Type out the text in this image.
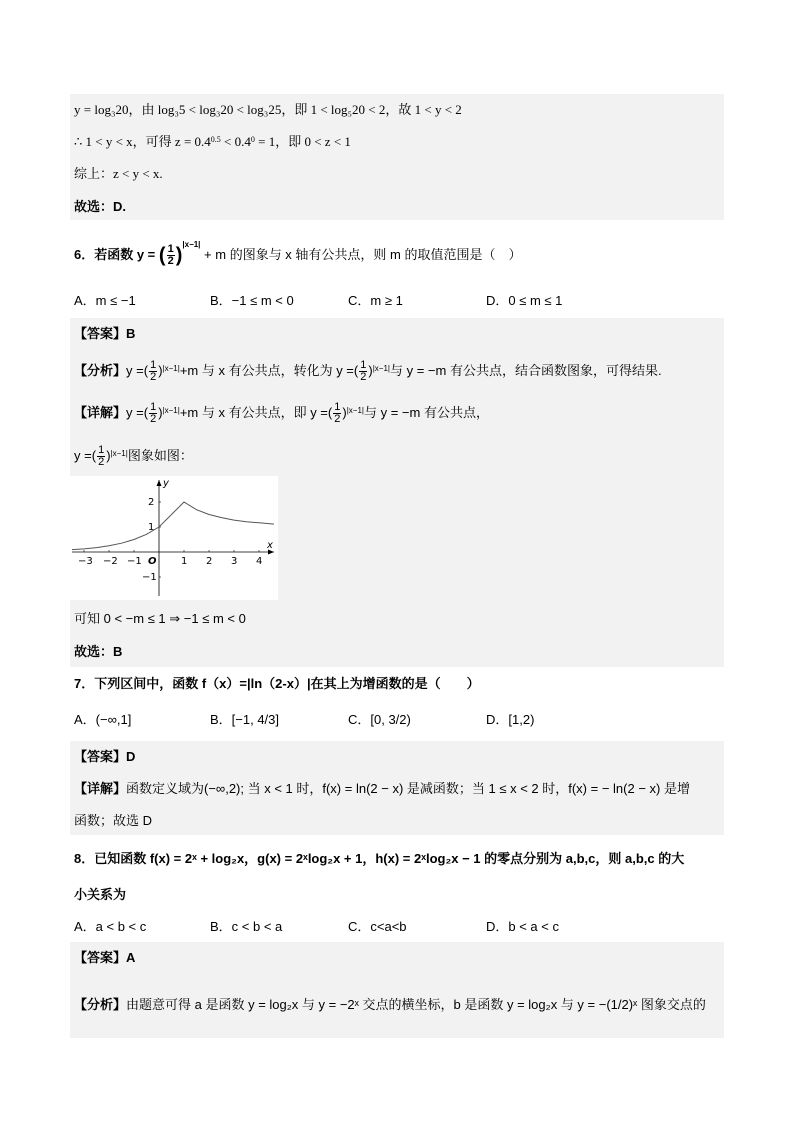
y = log₃20，由 log₃5 < log₃20 < log₃25，即 1 < log₅20 < 2，故 1 < y < 2
∴ 1 < y < x，可得 $z = 0.4^{0.5} < 0.4^0 = 1$，即 0 < z < 1
综上：z < y < x.
故选：D.
6．若函数 y = ( $\frac{1}{2} )^{|x-1|} + m$ 的图象与 x 轴有公共点，则 m 的取值范围是（　）
A．m ≤ −1	B．−1 ≤ m < 0	C．m ≥ 1	D．0 ≤ m ≤ 1
【答案】B
【分析】y =( $\frac{1}{2} )^{|x-1|}+m$ 与 x 有公共点，转化为 y =( $\frac{1}{2} )^{|x-1|}$与 y = −m 有公共点，结合函数图象，可得结果.
【详解】y =( $\frac{1}{2} )^{|x-1|}+m$ 与 x 有公共点，即 y =( $\frac{1}{2} )^{|x-1|}$与 y = −m 有公共点，
y =( $\frac{1}{2} )^{|x-1|}$图象如图：
−3 −2 −1	1 2 3 4
2
1
−1
O
x
y
可知 0 < −m ≤ 1 ⇒ −1 ≤ m < 0
故选：B
7．下列区间中，函数 f（x）=|ln（2-x）|在其上为增函数的是（　　）
A．(−∞,1]	B．[−1, 4/3]	C．[0, 3/2)	D．[1,2)
【答案】D
【详解】函数定义域为(−∞,2); 当 x < 1 时，f(x) = ln(2 − x) 是减函数；当 1 ≤ x < 2 时，f(x) = − ln(2 − x) 是增
函数；故选 D
8．已知函数 f(x) = 2ˣ + log₂x，g(x) = 2ˣlog₂x + 1，h(x) = 2ˣlog₂x − 1 的零点分别为 a,b,c，则 a,b,c 的大
小关系为
A．a < b < c	B．c < b < a	C．c<a<b	D．b < a < c
【答案】A
【分析】由题意可得 a 是函数 y = log₂x 与 y = −2ˣ 交点的横坐标，b 是函数 y = log₂x 与 y = −(1/2)ˣ 图象交点的
